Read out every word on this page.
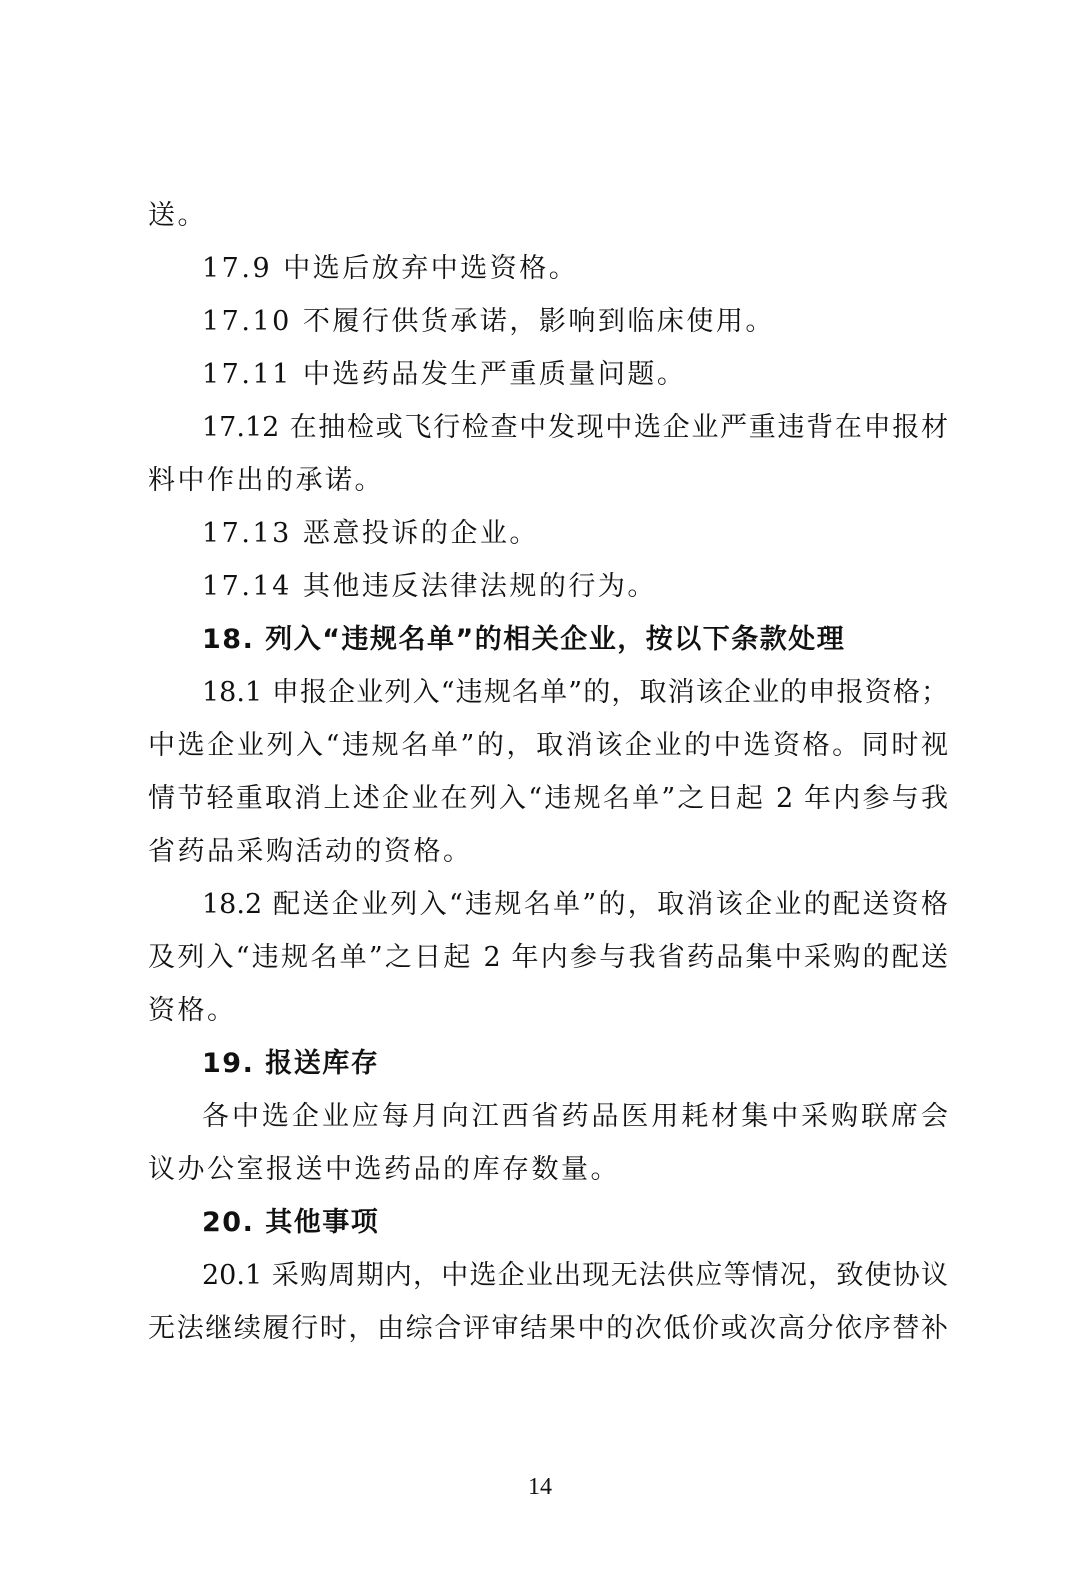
送。
17.9 中选后放弃中选资格。
17.10 不履行供货承诺，影响到临床使用。
17.11 中选药品发生严重质量问题。
17.12 在抽检或飞行检查中发现中选企业严重违背在申报材
料中作出的承诺。
17.13 恶意投诉的企业。
17.14 其他违反法律法规的行为。
18. 列入“违规名单”的相关企业，按以下条款处理
18.1 申报企业列入“违规名单”的，取消该企业的申报资格；
中选企业列入“违规名单”的，取消该企业的中选资格。同时视
情节轻重取消上述企业在列入“违规名单”之日起 2 年内参与我
省药品采购活动的资格。
18.2 配送企业列入“违规名单”的，取消该企业的配送资格
及列入“违规名单”之日起 2 年内参与我省药品集中采购的配送
资格。
19. 报送库存
各中选企业应每月向江西省药品医用耗材集中采购联席会
议办公室报送中选药品的库存数量。
20. 其他事项
20.1 采购周期内，中选企业出现无法供应等情况，致使协议
无法继续履行时，由综合评审结果中的次低价或次高分依序替补
14
